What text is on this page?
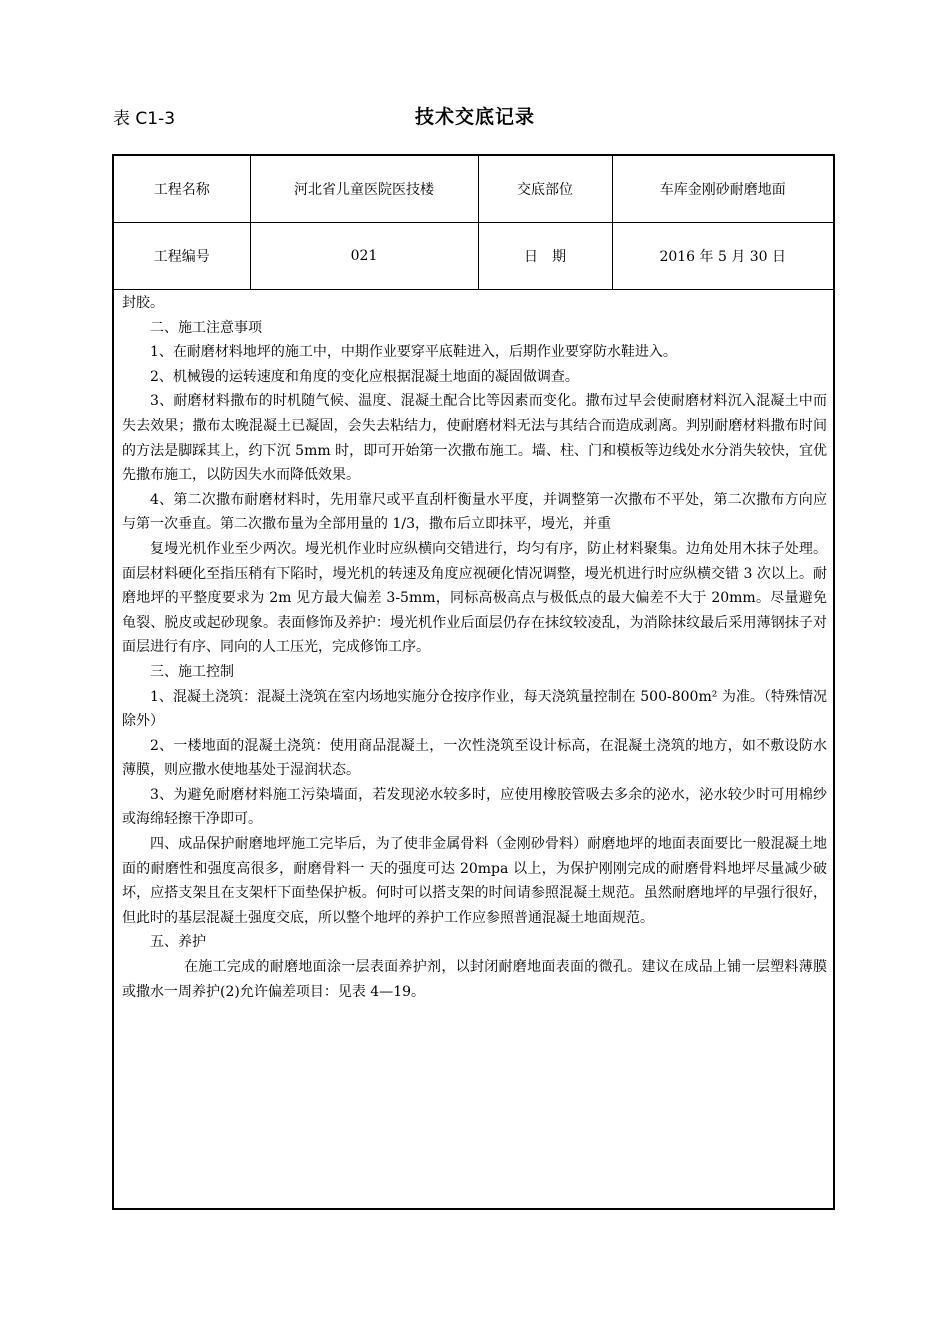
表 C1-3	技术交底记录
工程名称	河北省儿童医院医技楼	交底部位	车库金刚砂耐磨地面
工程编号	021	日　期	2016 年 5 月 30 日

封胶。

二、施工注意事项

1、在耐磨材料地坪的施工中，中期作业要穿平底鞋进入，后期作业要穿防水鞋进入。

2、机械镘的运转速度和角度的变化应根据混凝土地面的凝固做调查。

3、耐磨材料撒布的时机随气候、温度、混凝土配合比等因素而变化。撒布过早会使耐磨材料沉入混凝土中而失去效果；撒布太晚混凝土已凝固，会失去粘结力，使耐磨材料无法与其结合而造成剥离。判别耐磨材料撒布时间的方法是脚踩其上，约下沉 5mm 时，即可开始第一次撒布施工。墙、柱、门和模板等边线处水分消失较快，宜优先撒布施工，以防因失水而降低效果。

4、第二次撒布耐磨材料时，先用靠尺或平直刮杆衡量水平度，并调整第一次撒布不平处，第二次撒布方向应与第一次垂直。第二次撒布量为全部用量的 1/3，撒布后立即抹平，墁光，并重

复墁光机作业至少两次。墁光机作业时应纵横向交错进行，均匀有序，防止材料聚集。边角处用木抹子处理。面层材料硬化至指压稍有下陷时，墁光机的转速及角度应视硬化情况调整，墁光机进行时应纵横交错 3 次以上。耐磨地坪的平整度要求为 2m 见方最大偏差 3-5mm，同标高极高点与极低点的最大偏差不大于 20mm。尽量避免龟裂、脱皮或起砂现象。表面修饰及养护：墁光机作业后面层仍存在抹纹较凌乱，为消除抹纹最后采用薄钢抹子对面层进行有序、同向的人工压光，完成修饰工序。

三、施工控制

1、混凝土浇筑：混凝土浇筑在室内场地实施分仓按序作业，每天浇筑量控制在 500-800m² 为准。（特殊情况除外）

2、一楼地面的混凝土浇筑：使用商品混凝土，一次性浇筑至设计标高，在混凝土浇筑的地方，如不敷设防水薄膜，则应撒水使地基处于湿润状态。

3、为避免耐磨材料施工污染墙面，若发现泌水较多时，应使用橡胶管吸去多余的泌水，泌水较少时可用棉纱或海绵轻擦干净即可。

四、成品保护耐磨地坪施工完毕后，为了使非金属骨料（金刚砂骨料）耐磨地坪的地面表面要比一般混凝土地面的耐磨性和强度高很多，耐磨骨料一 天的强度可达 20mpa 以上，为保护刚刚完成的耐磨骨料地坪尽量减少破坏，应搭支架且在支架杆下面垫保护板。何时可以搭支架的时间请参照混凝土规范。虽然耐磨地坪的早强行很好，但此时的基层混凝土强度交底，所以整个地坪的养护工作应参照普通混凝土地面规范。

五、养护

在施工完成的耐磨地面涂一层表面养护剂，以封闭耐磨地面表面的微孔。建议在成品上铺一层塑料薄膜或撒水一周养护(2)允许偏差项目：见表 4—19。
